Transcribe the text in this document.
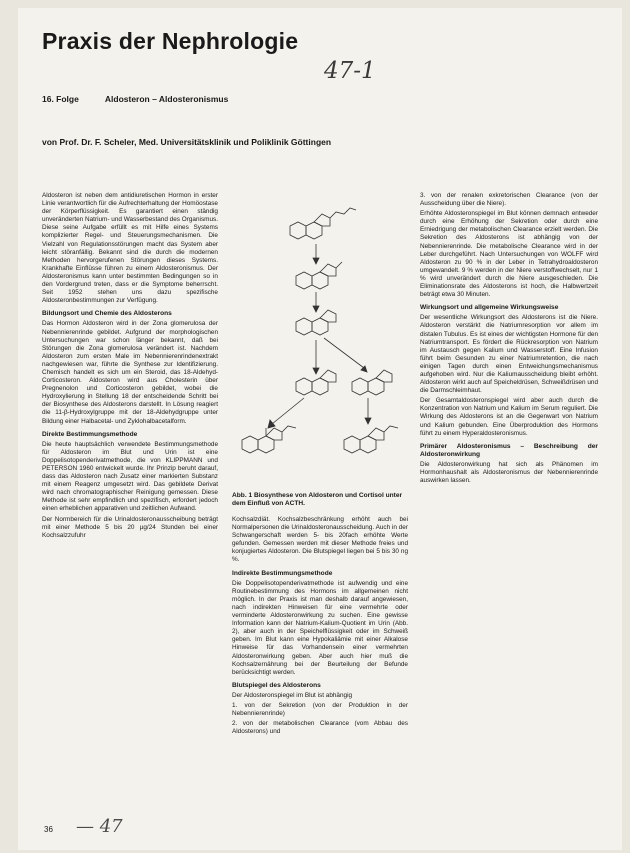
Praxis der Nephrologie
47-1
16. Folge	Aldosteron – Aldosteronismus
von Prof. Dr. F. Scheler, Med. Universitätsklinik und Poliklinik Göttingen

Aldosteron ist neben dem antidiuretischen Hormon in erster Linie verantwortlich für die Aufrechterhaltung der Homöostase der Körperflüssigkeit. Es garantiert einen ständig unveränderten Natrium- und Wasserbestand des Organismus. Diese seine Aufgabe erfüllt es mit Hilfe eines Systems komplizierter Regel- und Steuerungsmechanismen. Die Vielzahl von Regulationsstörungen macht das System aber leicht störanfällig. Bekannt sind die durch die modernen Methoden hervorgerufenen Störungen dieses Systems. Krankhafte Einflüsse führen zu einem Aldosteronismus. Der Aldosteronismus kann unter bestimmten Bedingungen so in den Vordergrund treten, dass er die Symptome beherrscht. Seit 1952 stehen uns dazu spezifische Aldosteronbestimmungen zur Verfügung.

Bildungsort und Chemie des Aldosterons

Das Hormon Aldosteron wird in der Zona glomerulosa der Nebennierenrinde gebildet. Aufgrund der morphologischen Untersuchungen war schon länger bekannt, daß bei Störungen die Zona glomerulosa verändert ist. Nachdem Aldosteron zum ersten Male im Nebennierenrindenextrakt nachgewiesen war, führte die Synthese zur Identifizierung. Chemisch handelt es sich um ein Steroid, das 18-Aldehyd-Corticosteron. Aldosteron wird aus Cholesterin über Pregnenolon und Corticosteron gebildet, wobei die Hydroxylierung in Stellung 18 der entscheidende Schritt bei der Biosynthese des Aldosterons darstellt. In Lösung reagiert die 11-β-Hydroxylgruppe mit der 18-Aldehydgruppe unter Bildung einer Halbacetal- und Zyklohalbacetalform.

Direkte Bestimmungsmethode

Die heute hauptsächlich verwendete Bestimmungsmethode für Aldosteron im Blut und Urin ist eine Doppelisotopenderivatmethode, die von KLIPPMANN und PETERSON 1960 entwickelt wurde. Ihr Prinzip beruht darauf, dass das Aldosteron nach Zusatz einer markierten Substanz mit einem Reagenz umgesetzt wird. Das gebildete Derivat wird nach chromatographischer Reinigung gemessen. Diese Methode ist sehr empfindlich und spezifisch, erfordert jedoch einen erheblichen apparativen und zeitlichen Aufwand.

Der Normbereich für die Urinaldosteronausscheibung beträgt mit einer Methode 5 bis 20 µg/24 Stunden bei einer Kochsalzzufuhr

Abb. 1 Biosynthese von Aldosteron und Cortisol unter dem Einfluß von ACTH.

Kochsalzdiät. Kochsalzbeschränkung erhöht auch bei Normalpersonen die Urinaldosteronausscheidung. Auch in der Schwangerschaft werden 5- bis 20fach erhöhte Werte gefunden. Gemessen werden mit dieser Methode freies und konjugiertes Aldosteron. Die Blutspiegel liegen bei 5 bis 30 ng %.

Indirekte Bestimmungsmethode

Die Doppelisotopenderivatmethode ist aufwendig und eine Routinebestimmung des Hormons im allgemeinen nicht möglich. In der Praxis ist man deshalb darauf angewiesen, nach indirekten Hinweisen für eine vermehrte oder verminderte Aldosteronwirkung zu suchen. Eine gewisse Information kann der Natrium-Kalium-Quotient im Urin (Abb. 2), aber auch in der Speichelflüssigkeit oder im Schweiß geben. Im Blut kann eine Hypokaliämie mit einer Alkalose Hinweise für das Vorhandensein einer vermehrten Aldosteronwirkung geben. Aber auch hier muß die Kochsalzernährung bei der Beurteilung der Befunde berücksichtigt werden.

Blutspiegel des Aldosterons

Der Aldosteronspiegel im Blut ist abhängig

1. von der Sekretion (von der Produktion in der Nebennierenrinde)

2. von der metabolischen Clearance (vom Abbau des Aldosterons) und

3. von der renalen exkretorischen Clearance (von der Ausscheidung über die Niere).

Erhöhte Aldosteronspiegel im Blut können demnach entweder durch eine Erhöhung der Sekretion oder durch eine Erniedrigung der metabolischen Clearance erzielt werden. Die Sekretion des Aldosterons ist abhängig von der Nebennierenrinde. Die metabolische Clearance wird in der Leber durchgeführt. Nach Untersuchungen von WOLFF wird Aldosteron zu 90 % in der Leber in Tetrahydroaldosteron umgewandelt. 9 % werden in der Niere verstoffwechselt, nur 1 % wird unverändert durch die Niere ausgeschieden. Die Eliminationsrate des Aldosterons ist hoch, die Halbwertzeit beträgt etwa 30 Minuten.

Wirkungsort und allgemeine Wirkungsweise

Der wesentliche Wirkungsort des Aldosterons ist die Niere. Aldosteron verstärkt die Natriumresorption vor allem im distalen Tubulus. Es ist eines der wichtigsten Hormone für den Natriumtransport. Es fördert die Rückresorption von Natrium im Austausch gegen Kalium und Wasserstoff. Eine Infusion führt beim Gesunden zu einer Natriumretention, die nach einigen Tagen durch einen Entweichungsmechanismus aufgehoben wird. Nur die Kaliumausscheidung bleibt erhöht. Aldosteron wirkt auch auf Speicheldrüsen, Schweißdrüsen und die Darmschleimhaut.

Der Gesamtaldosteronspiegel wird aber auch durch die Konzentration von Natrium und Kalium im Serum reguliert. Die Wirkung des Aldosterons ist an die Gegenwart von Natrium und Kalium gebunden. Eine Überproduktion des Hormons führt zu einem Hyperaldosteronismus.

Primärer Aldosteronismus – Beschreibung der Aldosteronwirkung

Die Aldosteronwirkung hat sich als Phänomen im Hormonhaushalt als Aldosteronismus der Nebennierenrinde auswirken lassen.

36 — 47
